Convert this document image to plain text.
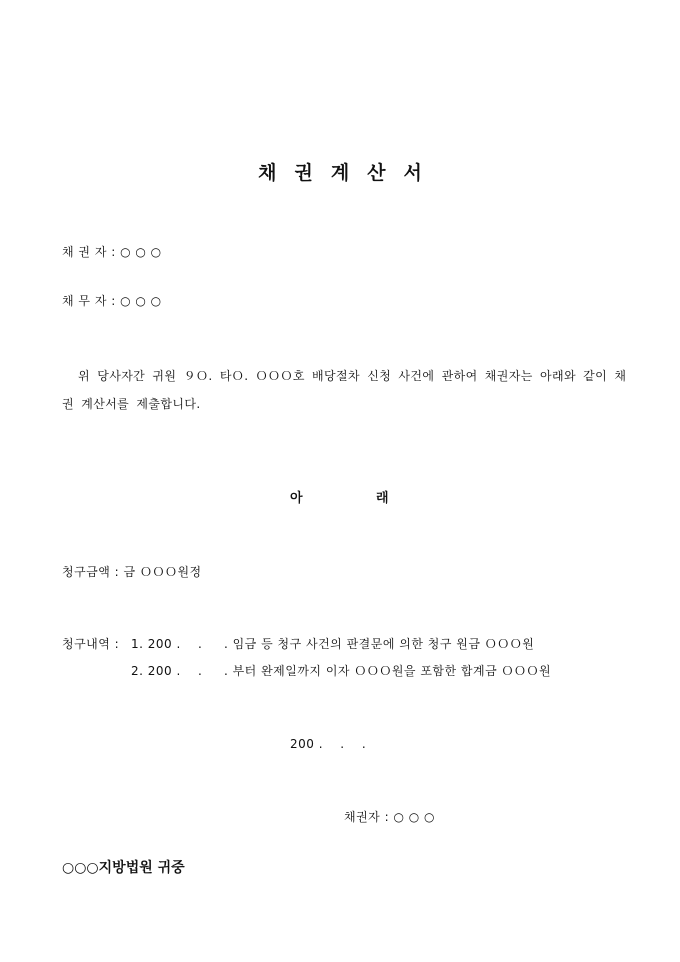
채권계산서
채 권 자 : ○ ○ ○
채 무 자 : ○ ○ ○
위 당사자간 귀원 ９Ｏ. 타Ｏ. ＯＯＯ호 배당절차 신청 사건에 관하여 채권자는 아래와 같이 채권 계산서를 제출합니다.
아	래
청구금액 : 금 ＯＯＯ원정
청구내역 : 1. 200 .    .     . 임금 등 청구 사건의 판결문에 의한 청구 원금 ＯＯＯ원
2. 200 .    .     . 부터 완제일까지 이자 ＯＯＯ원을 포함한 합계금 ＯＯＯ원
200 .    .    .
채권자 : ○ ○ ○
○○○지방법원 귀중
